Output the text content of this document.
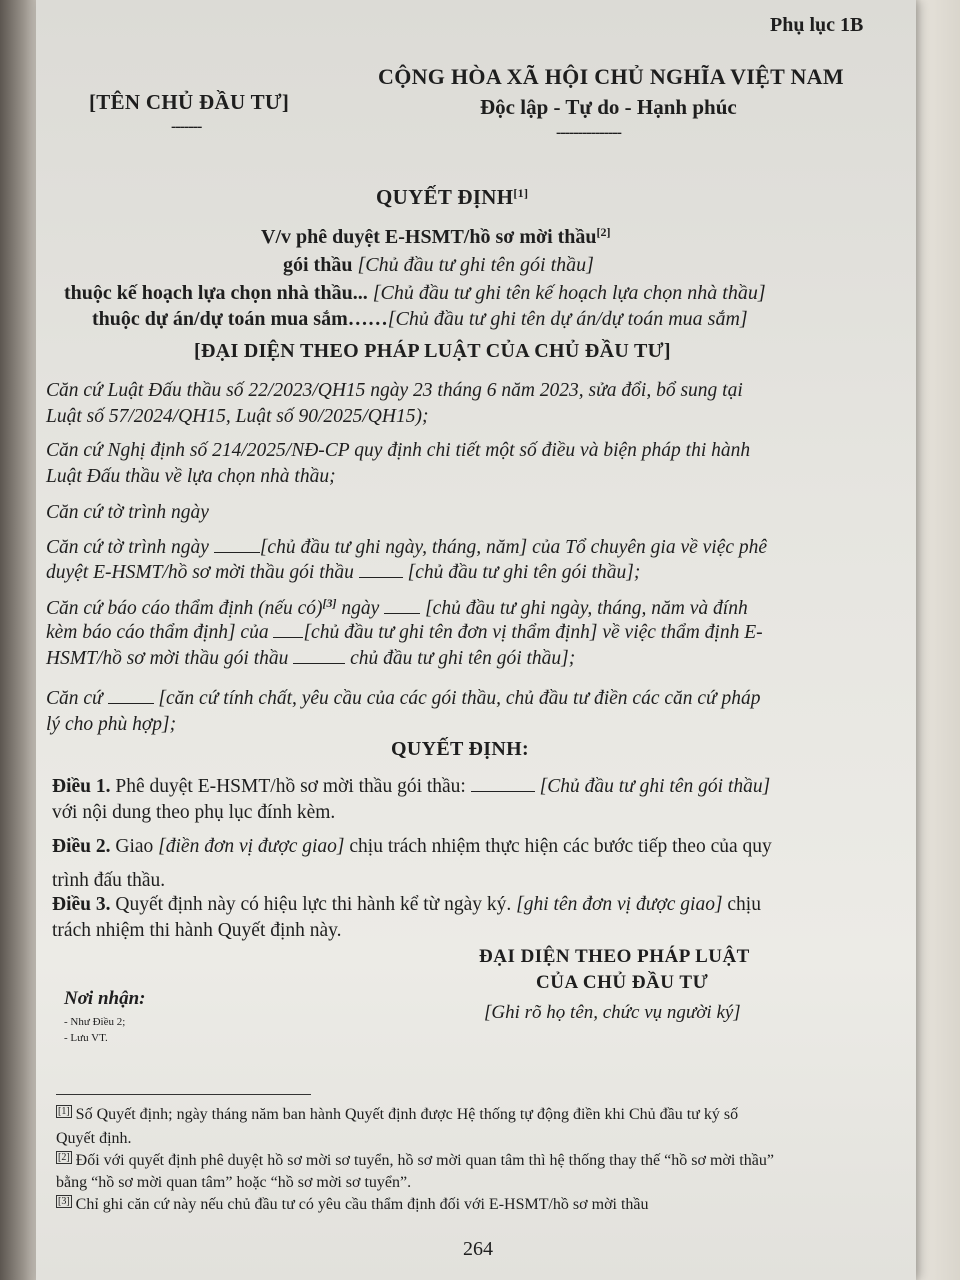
Phụ lục 1B
[TÊN CHỦ ĐẦU TƯ]
-------
CỘNG HÒA XÃ HỘI CHỦ NGHĨA VIỆT NAM
Độc lập - Tự do - Hạnh phúc
---------------
QUYẾT ĐỊNH[1]
V/v phê duyệt E-HSMT/hồ sơ mời thầu[2]
gói thầu [Chủ đầu tư ghi tên gói thầu]
thuộc kế hoạch lựa chọn nhà thầu... [Chủ đầu tư ghi tên kế hoạch lựa chọn nhà thầu]
thuộc dự án/dự toán mua sắm……[Chủ đầu tư ghi tên dự án/dự toán mua sắm]
[ĐẠI DIỆN THEO PHÁP LUẬT CỦA CHỦ ĐẦU TƯ]
Căn cứ Luật Đấu thầu số 22/2023/QH15 ngày 23 tháng 6 năm 2023, sửa đổi, bổ sung tại
Luật số 57/2024/QH15, Luật số 90/2025/QH15);
Căn cứ Nghị định số 214/2025/NĐ-CP quy định chi tiết một số điều và biện pháp thi hành
Luật Đấu thầu về lựa chọn nhà thầu;
Căn cứ tờ trình ngày
Căn cứ tờ trình ngày [chủ đầu tư ghi ngày, tháng, năm] của Tổ chuyên gia về việc phê
duyệt E-HSMT/hồ sơ mời thầu gói thầu  [chủ đầu tư ghi tên gói thầu];
Căn cứ báo cáo thẩm định (nếu có)[3] ngày  [chủ đầu tư ghi ngày, tháng, năm và đính
kèm báo cáo thẩm định] của [chủ đầu tư ghi tên đơn vị thẩm định] về việc thẩm định E-
HSMT/hồ sơ mời thầu gói thầu	chủ đầu tư ghi tên gói thầu];
Căn cứ  [căn cứ tính chất, yêu cầu của các gói thầu, chủ đầu tư điền các căn cứ pháp
lý cho phù hợp];
QUYẾT ĐỊNH:
Điều 1. Phê duyệt E-HSMT/hồ sơ mời thầu gói thầu:	[Chủ đầu tư ghi tên gói thầu]
với nội dung theo phụ lục đính kèm.
Điều 2. Giao [điền đơn vị được giao] chịu trách nhiệm thực hiện các bước tiếp theo của quy
trình đấu thầu.
Điều 3. Quyết định này có hiệu lực thi hành kể từ ngày ký. [ghi tên đơn vị được giao] chịu
trách nhiệm thi hành Quyết định này.
ĐẠI DIỆN THEO PHÁP LUẬT
CỦA CHỦ ĐẦU TƯ
[Ghi rõ họ tên, chức vụ người ký]
Nơi nhận:
- Như Điều 2;
- Lưu VT.
[1] Số Quyết định; ngày tháng năm ban hành Quyết định được Hệ thống tự động điền khi Chủ đầu tư ký số
Quyết định.
[2] Đối với quyết định phê duyệt hồ sơ mời sơ tuyển, hồ sơ mời quan tâm thì hệ thống thay thế “hồ sơ mời thầu”
bằng “hồ sơ mời quan tâm” hoặc “hồ sơ mời sơ tuyển”.
[3] Chỉ ghi căn cứ này nếu chủ đầu tư có yêu cầu thẩm định đối với E-HSMT/hồ sơ mời thầu
264
